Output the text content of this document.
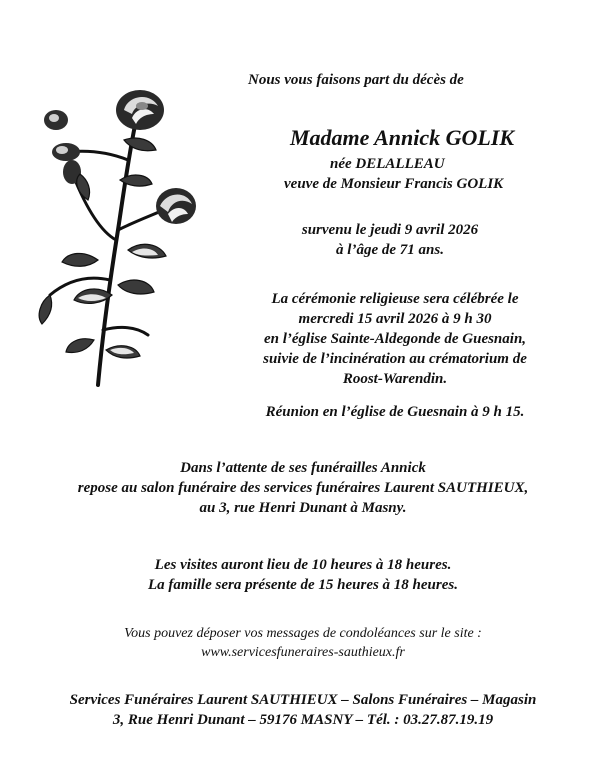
Nous vous faisons part du décès de
Madame Annick GOLIK
née DELALLEAU
veuve de Monsieur Francis GOLIK
survenu le jeudi 9 avril 2026
à l’âge de 71 ans.
La cérémonie religieuse sera célébrée le
mercredi 15 avril 2026 à 9 h 30
en l’église Sainte-Aldegonde de Guesnain,
suivie de l’incinération au crématorium de
Roost-Warendin.
Réunion en l’église de Guesnain à 9 h 15.
Dans l’attente de ses funérailles Annick
repose au salon funéraire des services funéraires Laurent SAUTHIEUX,
au 3, rue Henri Dunant à Masny.
Les visites auront lieu de 10 heures à 18 heures.
La famille sera présente de 15 heures à 18 heures.
Vous pouvez déposer vos messages de condoléances sur le site :
www.servicesfuneraires-sauthieux.fr
Services Funéraires Laurent SAUTHIEUX – Salons Funéraires – Magasin
3, Rue Henri Dunant – 59176 MASNY – Tél. : 03.27.87.19.19
